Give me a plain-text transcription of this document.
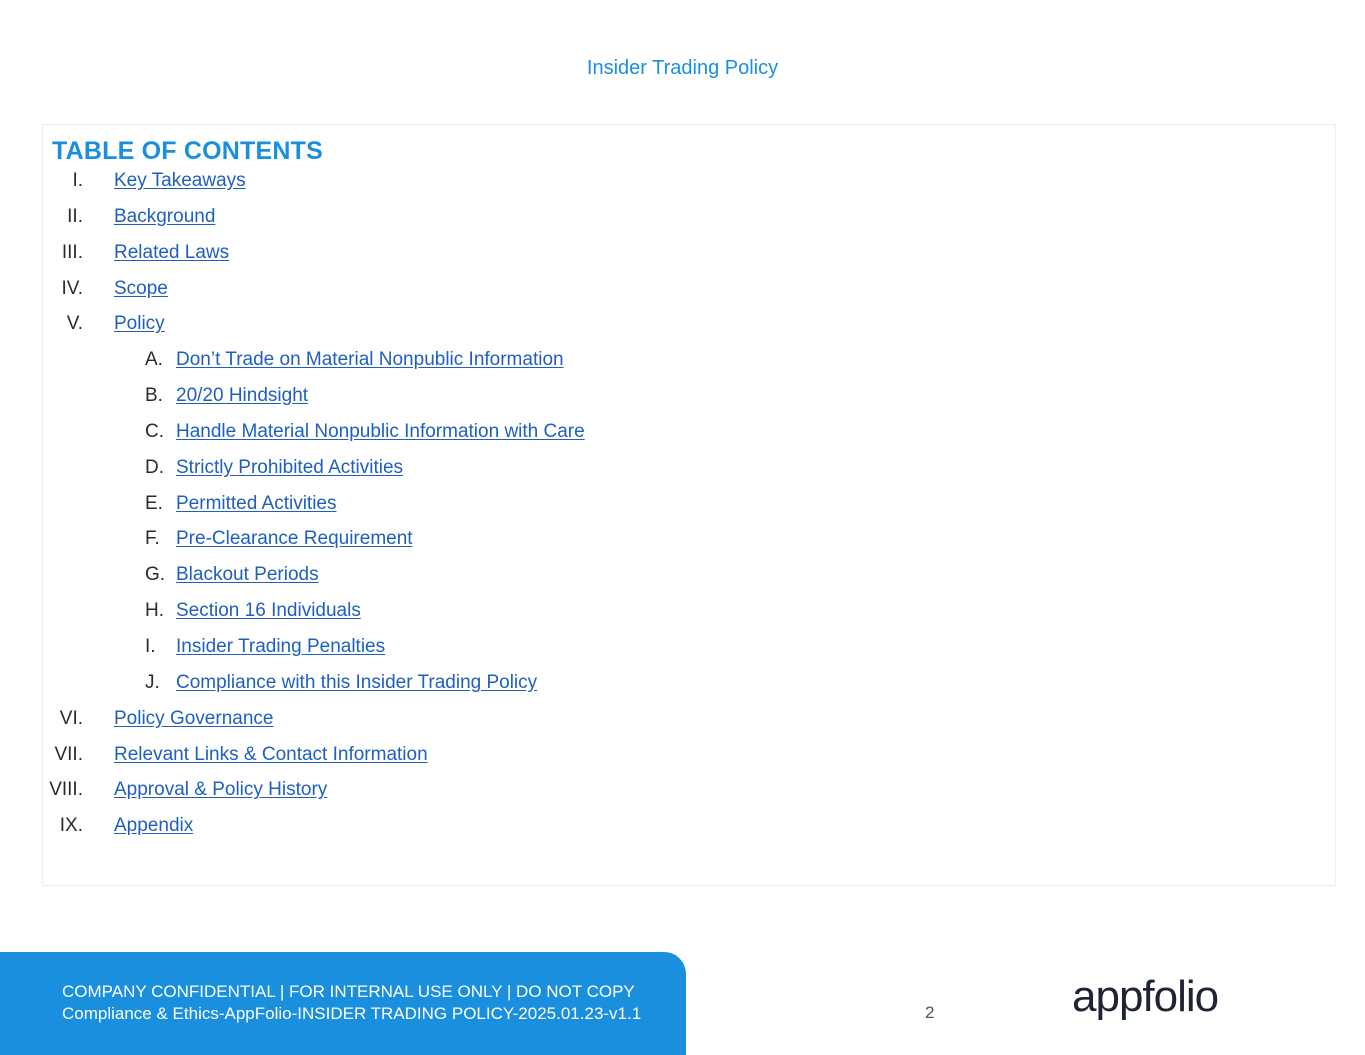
Insider Trading Policy
TABLE OF CONTENTS
I. Key Takeaways
II. Background
III. Related Laws
IV. Scope
V. Policy
A. Don’t Trade on Material Nonpublic Information
B. 20/20 Hindsight
C. Handle Material Nonpublic Information with Care
D. Strictly Prohibited Activities
E. Permitted Activities
F. Pre-Clearance Requirement
G. Blackout Periods
H. Section 16 Individuals
I.	Insider Trading Penalties
J. Compliance with this Insider Trading Policy
VI. Policy Governance
VII. Relevant Links & Contact Information
VIII. Approval & Policy History
IX. Appendix
COMPANY CONFIDENTIAL | FOR INTERNAL USE ONLY | DO NOT COPY
Compliance & Ethics-AppFolio-INSIDER TRADING POLICY-2025.01.23-v1.1	2	appfolio
